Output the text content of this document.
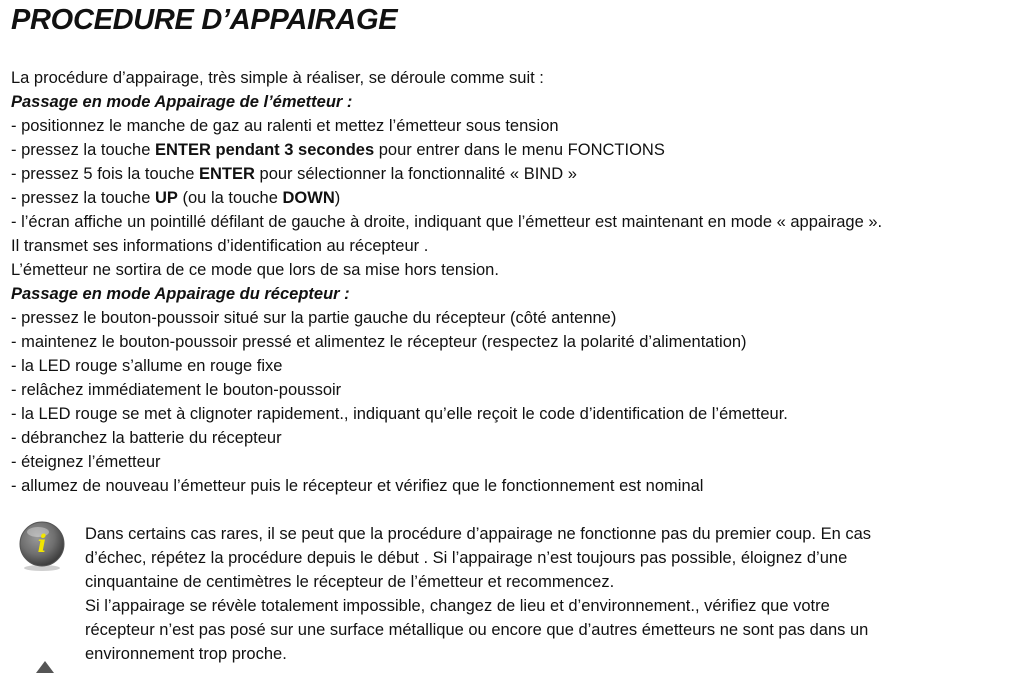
PROCEDURE D’APPAIRAGE
La procédure d’appairage, très simple à réaliser, se déroule comme suit :
Passage en mode Appairage de l’émetteur :
- positionnez le manche de gaz au ralenti et mettez l’émetteur sous tension
- pressez la touche ENTER pendant 3 secondes pour entrer dans le menu FONCTIONS
- pressez 5 fois la touche ENTER pour sélectionner la fonctionnalité « BIND »
- pressez la touche UP (ou la touche DOWN)
- l’écran affiche un pointillé défilant de gauche à droite, indiquant que l’émetteur est maintenant en mode « appairage ».
Il transmet ses informations d’identification au récepteur .
L’émetteur ne sortira de ce mode que lors de sa mise hors tension.
Passage en mode Appairage du récepteur :
- pressez le bouton-poussoir situé sur la partie gauche du récepteur (côté antenne)
- maintenez le bouton-poussoir pressé et alimentez le récepteur (respectez la polarité d’alimentation)
- la LED rouge s’allume en rouge fixe
- relâchez immédiatement le bouton-poussoir
- la LED rouge se met à clignoter rapidement., indiquant qu’elle reçoit le code d’identification de l’émetteur.
- débranchez la batterie du récepteur
- éteignez l’émetteur
- allumez de nouveau l’émetteur puis le récepteur et vérifiez que le fonctionnement est nominal
i Dans certains cas rares, il se peut que la procédure d’appairage ne fonctionne pas du premier coup. En cas
d’échec, répétez la procédure depuis le début . Si l’appairage n’est toujours pas possible, éloignez d’une
cinquantaine de centimètres le récepteur de l’émetteur et recommencez.
Si l’appairage se révèle totalement impossible, changez de lieu et d’environnement., vérifiez que votre
récepteur n’est pas posé sur une surface métallique ou encore que d’autres émetteurs ne sont pas dans un
environnement trop proche.
